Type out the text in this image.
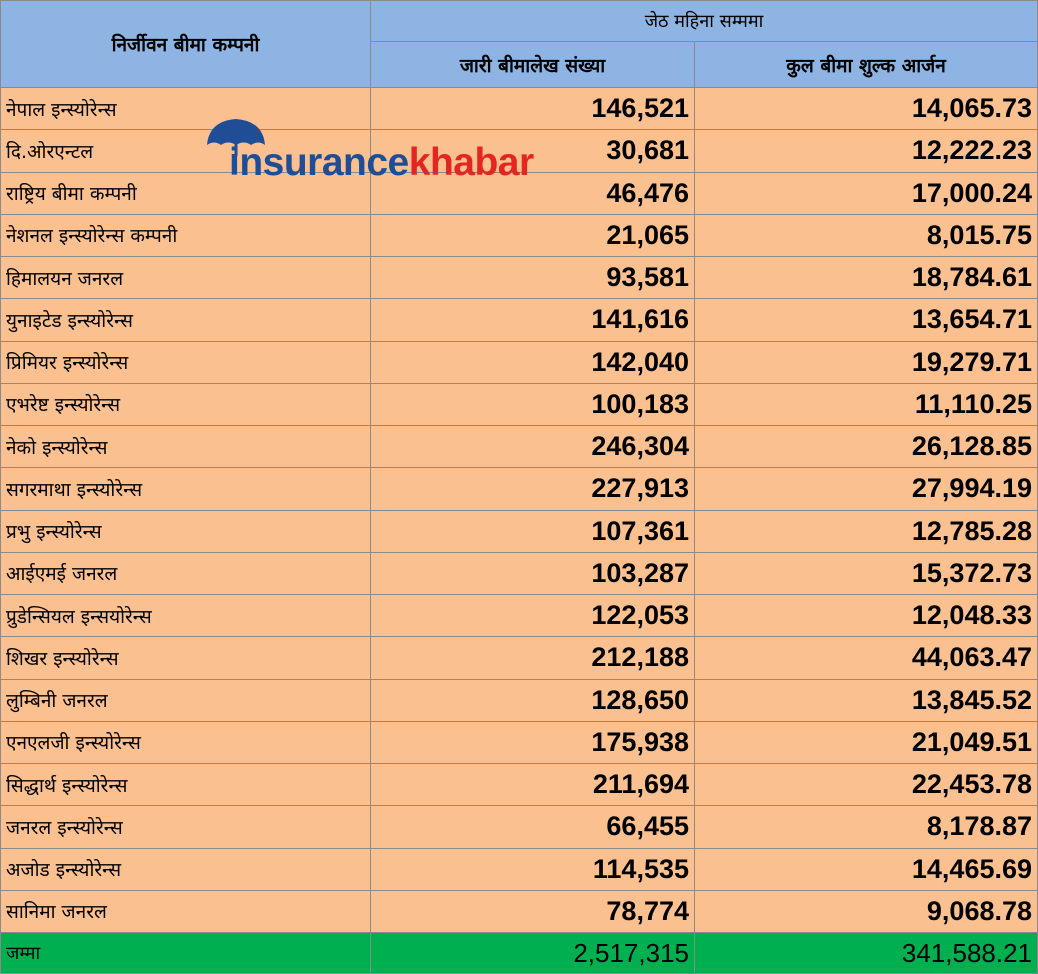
निर्जीवन बीमा कम्पनी	जेठ महिना सम्ममा	
	जारी बीमालेख संख्या	कुल बीमा शुल्क आर्जन
नेपाल इन्स्योरेन्स	146,521	14,065.73
दि.ओरएन्टल	30,681	12,222.23
राष्ट्रिय बीमा कम्पनी	46,476	17,000.24
नेशनल इन्स्योरेन्स कम्पनी	21,065	8,015.75
हिमालयन जनरल	93,581	18,784.61
युनाइटेड इन्स्योरेन्स	141,616	13,654.71
प्रिमियर इन्स्योरेन्स	142,040	19,279.71
एभरेष्ट इन्स्योरेन्स	100,183	11,110.25
नेको इन्स्योरेन्स	246,304	26,128.85
सगरमाथा इन्स्योरेन्स	227,913	27,994.19
प्रभु इन्स्योरेन्स	107,361	12,785.28
आईएमई जनरल	103,287	15,372.73
प्रुडेन्सियल इन्सयोरेन्स	122,053	12,048.33
शिखर इन्स्योरेन्स	212,188	44,063.47
लुम्बिनी जनरल	128,650	13,845.52
एनएलजी इन्स्योरेन्स	175,938	21,049.51
सिद्धार्थ इन्स्योरेन्स	211,694	22,453.78
जनरल इन्स्योरेन्स	66,455	8,178.87
अजोड इन्स्योरेन्स	114,535	14,465.69
सानिमा जनरल	78,774	9,068.78
जम्मा	2,517,315	341,588.21
insurancekhabar
